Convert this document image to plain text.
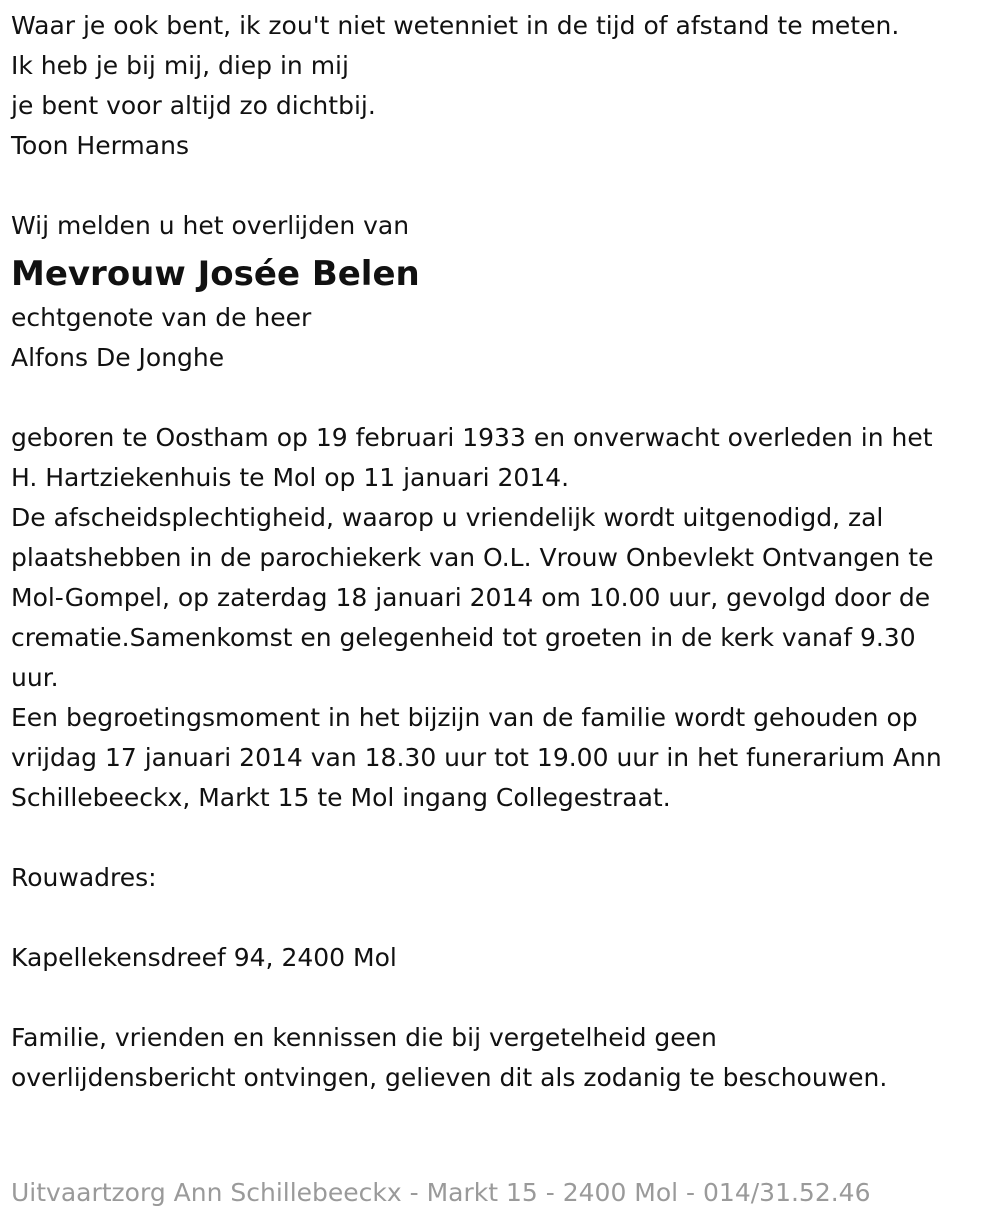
Waar je ook bent, ik zou't niet wetenniet in de tijd of afstand te meten.
Ik heb je bij mij, diep in mij
je bent voor altijd zo dichtbij.
Toon Hermans
Wij melden u het overlijden van
Mevrouw Josée Belen
echtgenote van de heer
Alfons De Jonghe
geboren te Oostham op 19 februari 1933 en onverwacht overleden in het
H. Hartziekenhuis te Mol op 11 januari 2014.
De afscheidsplechtigheid, waarop u vriendelijk wordt uitgenodigd, zal
plaatshebben in de parochiekerk van O.L. Vrouw Onbevlekt Ontvangen te
Mol-Gompel, op zaterdag 18 januari 2014 om 10.00 uur, gevolgd door de
crematie.Samenkomst en gelegenheid tot groeten in de kerk vanaf 9.30
uur.
Een begroetingsmoment in het bijzijn van de familie wordt gehouden op
vrijdag 17 januari 2014 van 18.30 uur tot 19.00 uur in het funerarium Ann
Schillebeeckx, Markt 15 te Mol ingang Collegestraat.
Rouwadres:
Kapellekensdreef 94, 2400 Mol
Familie, vrienden en kennissen die bij vergetelheid geen
overlijdensbericht ontvingen, gelieven dit als zodanig te beschouwen.
Uitvaartzorg Ann Schillebeeckx - Markt 15 - 2400 Mol - 014/31.52.46
